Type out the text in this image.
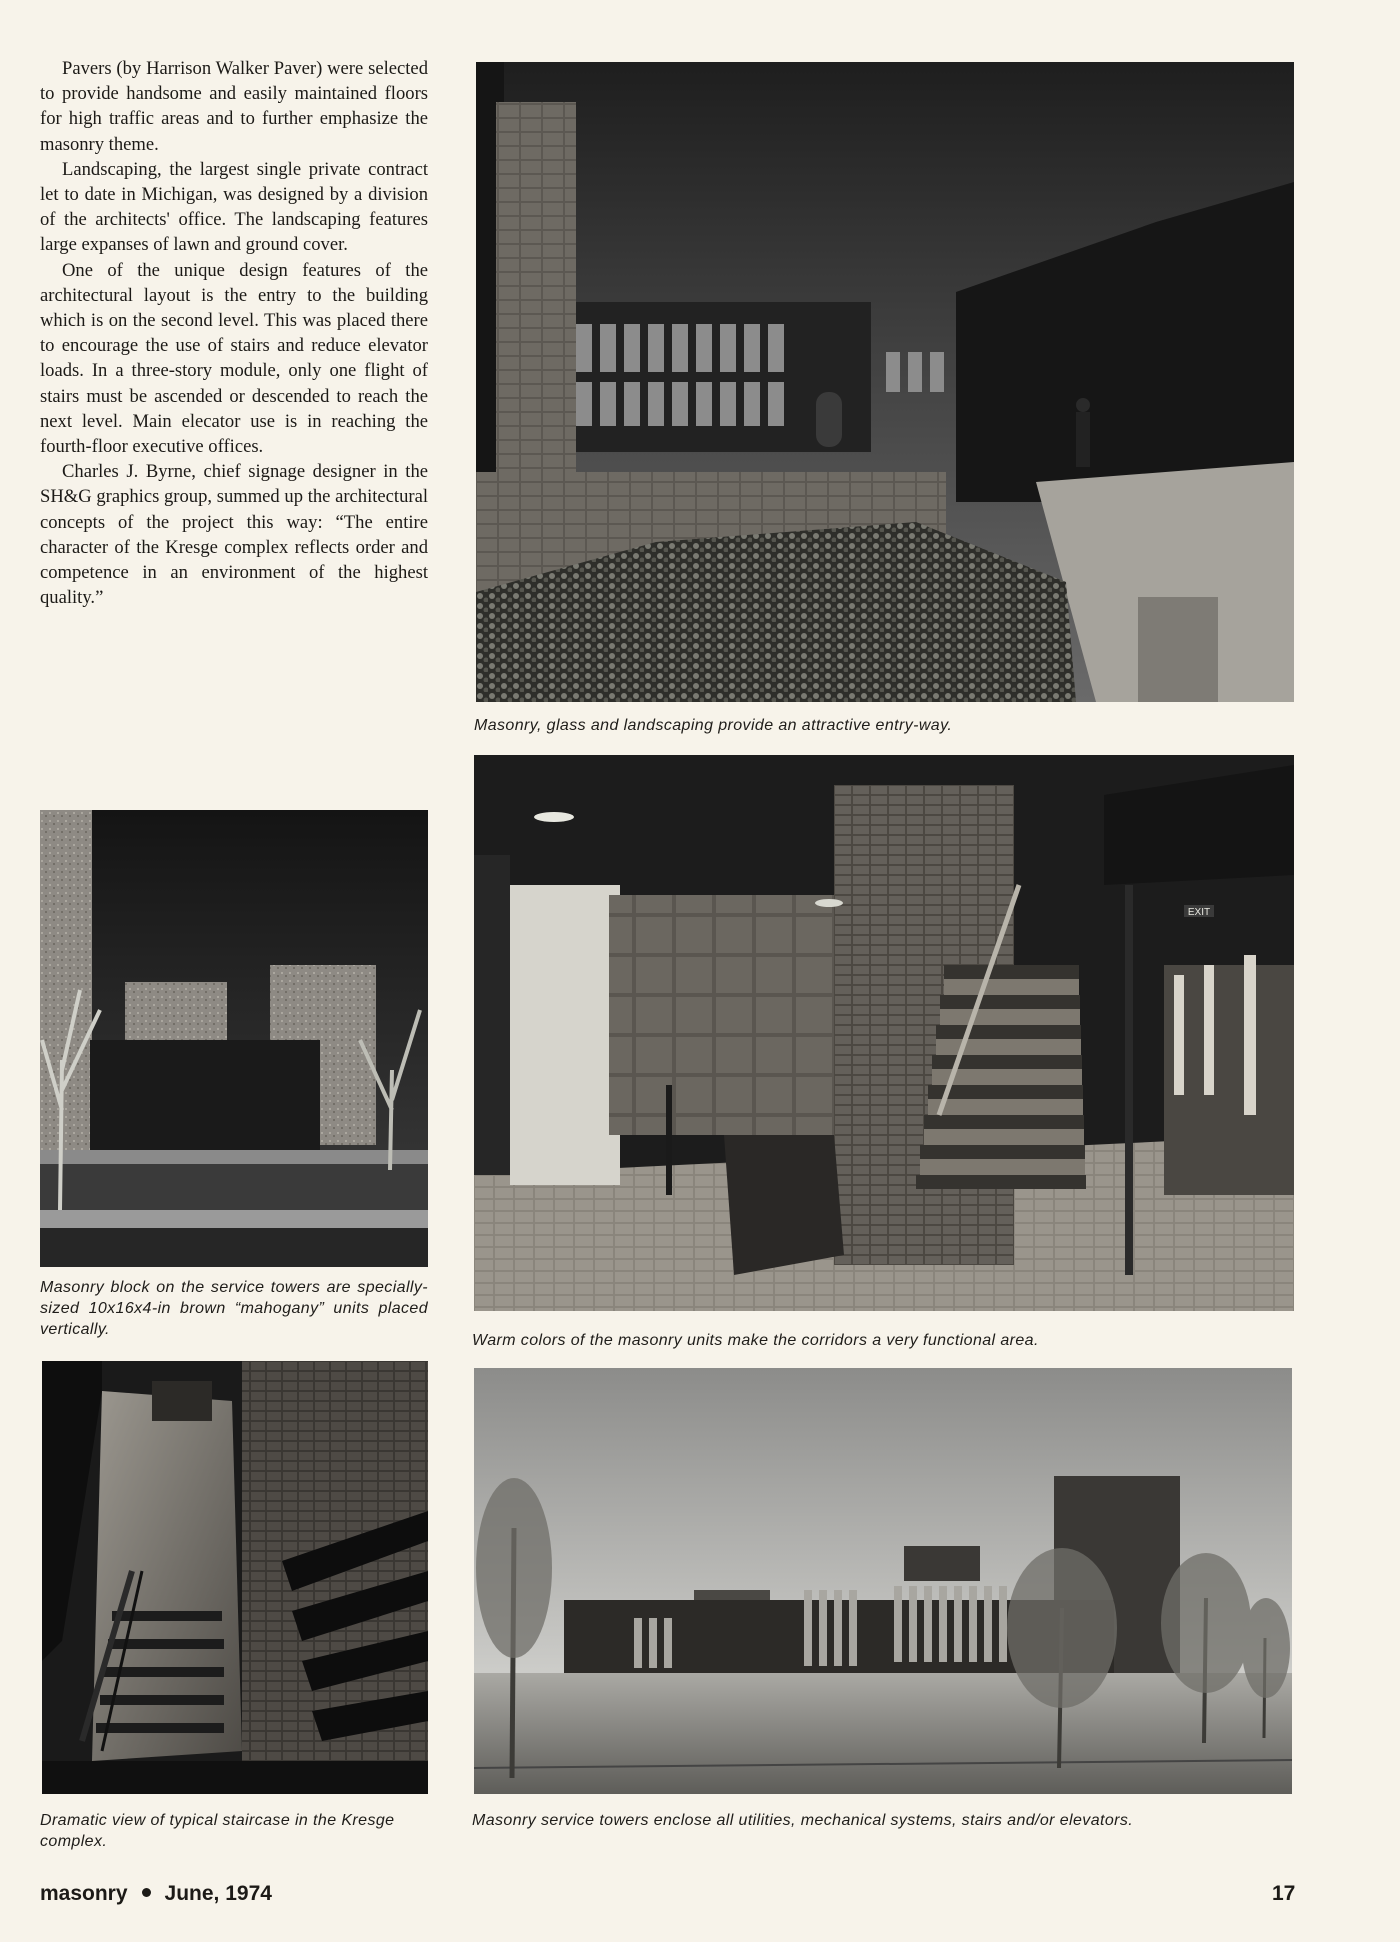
Pavers (by Harrison Walker Paver) were selected to provide handsome and easily maintained floors for high traffic areas and to further emphasize the masonry theme.

Landscaping, the largest single private contract let to date in Michigan, was designed by a division of the architects' office. The landscaping features large expanses of lawn and ground cover.

One of the unique design features of the architectural layout is the entry to the building which is on the second level. This was placed there to encourage the use of stairs and reduce elevator loads. In a three-story module, only one flight of stairs must be ascended or descended to reach the next level. Main elecator use is in reaching the fourth-floor executive offices.

Charles J. Byrne, chief signage designer in the SH&G graphics group, summed up the architectural concepts of the project this way: “The entire character of the Kresge complex reflects order and competence in an environment of the highest quality.”

Masonry, glass and landscaping provide an attractive entry-way.
Masonry block on the service towers are specially-sized 10x16x4-in brown “mahogany” units placed vertically.
EXIT
Warm colors of the masonry units make the corridors a very functional area.
Dramatic view of typical staircase in the Kresge complex.
Masonry service towers enclose all utilities, mechanical systems, stairs and/or elevators.
masonry June, 1974	17
